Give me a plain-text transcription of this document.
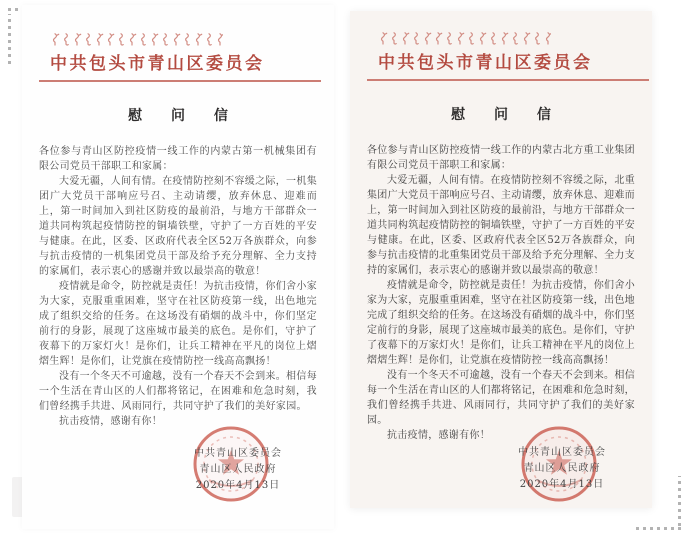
中共包头市青山区委员会
慰 问 信

各位参与青山区防控疫情一线工作的内蒙古第一机械集团有限公司党员干部职工和家属：

大爱无疆，人间有情。在疫情防控刻不容缓之际，一机集团广大党员干部响应号召、主动请缨，放弃休息、迎难而上，第一时间加入到社区防疫的最前沿，与地方干部群众一道共同构筑起疫情防控的铜墙铁壁，守护了一方百姓的平安与健康。在此，区委、区政府代表全区52万各族群众，向参与抗击疫情的一机集团党员干部及给予充分理解、全力支持的家属们，表示衷心的感谢并致以最崇高的敬意！

疫情就是命令，防控就是责任！为抗击疫情，你们舍小家为大家，克服重重困难，坚守在社区防疫第一线，出色地完成了组织交给的任务。在这场没有硝烟的战斗中，你们坚定前行的身影，展现了这座城市最美的底色。是你们，守护了夜幕下的万家灯火！是你们，让兵工精神在平凡的岗位上熠熠生辉！是你们，让党旗在疫情防控一线高高飘扬！

没有一个冬天不可逾越，没有一个春天不会到来。相信每一个生活在青山区的人们都将铭记，在困难和危急时刻，我们曾经携手共进、风雨同行，共同守护了我们的美好家园。

抗击疫情，感谢有你！

中共青山区委员会
青山区人民政府
2020年4月13日
中共包头市青山区委员会
慰 问 信

各位参与青山区防控疫情一线工作的内蒙古北方重工业集团有限公司党员干部职工和家属：

大爱无疆，人间有情。在疫情防控刻不容缓之际，北重集团广大党员干部响应号召、主动请缨，放弃休息、迎难而上，第一时间加入到社区防疫的最前沿，与地方干部群众一道共同构筑起疫情防控的铜墙铁壁，守护了一方百姓的平安与健康。在此，区委、区政府代表全区52万各族群众，向参与抗击疫情的北重集团党员干部及给予充分理解、全力支持的家属们，表示衷心的感谢并致以最崇高的敬意！

疫情就是命令，防控就是责任！为抗击疫情，你们舍小家为大家，克服重重困难，坚守在社区防疫第一线，出色地完成了组织交给的任务。在这场没有硝烟的战斗中，你们坚定前行的身影，展现了这座城市最美的底色。是你们，守护了夜幕下的万家灯火！是你们，让兵工精神在平凡的岗位上熠熠生辉！是你们，让党旗在疫情防控一线高高飘扬！

没有一个冬天不可逾越，没有一个春天不会到来。相信每一个生活在青山区的人们都将铭记，在困难和危急时刻，我们曾经携手共进、风雨同行，共同守护了我们的美好家园。

抗击疫情，感谢有你！

中共青山区委员会
青山区人民政府
2020年4月13日
